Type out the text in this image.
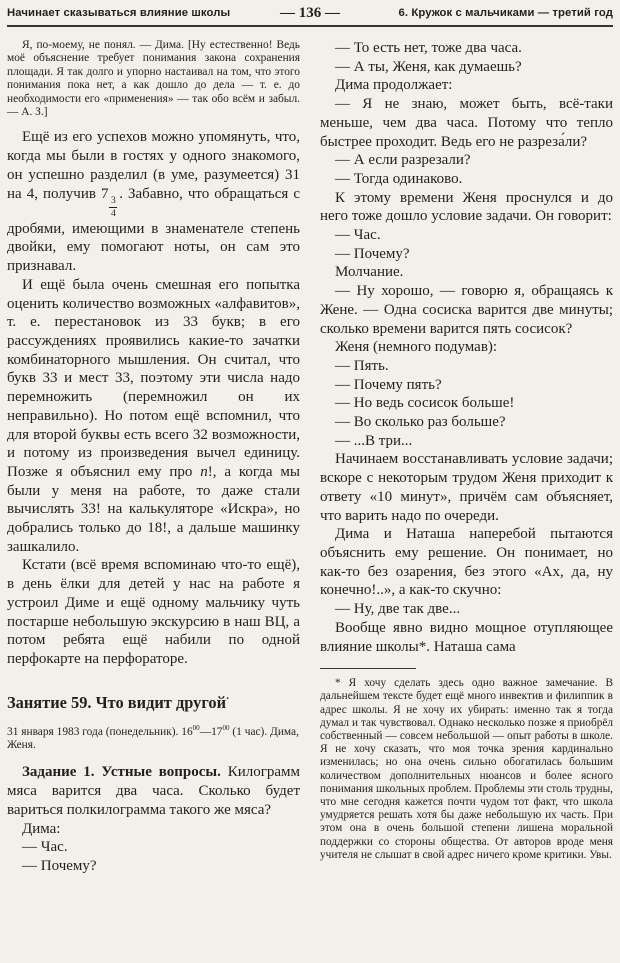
Начинает сказываться влияние школы	— 136 —	6. Кружок с мальчиками — третий год
Я, по-моему, не понял. — Дима. [Ну естественно! Ведь моё объяснение требует понимания закона сохранения площади. Я так долго и упорно настаивал на том, что этого понимания пока нет, а как дошло до дела — т. е. до необходимости его «применения» — так обо всём и забыл. — А. З.]
Ещё из его успехов можно упомянуть, что, когда мы были в гостях у одного знакомого, он успешно разделил (в уме, разумеется) 31 на 4, получив 7
$\frac{3}{4}$
. Забавно, что обращаться с дробями, имеющими в знаменателе степень двойки, ему помогают ноты, он сам это признавал.
И ещё была очень смешная его попытка оценить количество возможных «алфавитов», т. е. перестановок из 33 букв; в его рассуждениях проявились какие-то зачатки комбинаторного мышления. Он считал, что букв 33 и мест 33, поэтому эти числа надо перемножить (перемножил он их неправильно). Но потом ещё вспомнил, что для второй буквы есть всего 32 возможности, и потому из произведения вычел единицу. Позже я объяснил ему про n!, а когда мы были у меня на работе, то даже стали вычислять 33! на калькуляторе «Искра», но добрались только до 18!, а дальше машинку зашкалило.
Кстати (всё время вспоминаю что-то ещё), в день ёлки для детей у нас на работе я устроил Диме и ещё одному мальчику чуть постарше небольшую экскурсию в наш ВЦ, а потом ребята ещё набили по одной перфокарте на перфораторе.
Занятие 59. Что видит другой·
31 января 1983 года (понедельник). $16^{00}—17^{00}$ (1 час). Дима, Женя.
Задание 1. Устные вопросы. Килограмм мяса варится два часа. Сколько будет вариться полкилограмма такого же мяса?
Дима:
— Час.
— Почему?
— То есть нет, тоже два часа.
— А ты, Женя, как думаешь?
Дима продолжает:
— Я не знаю, может быть, всё-таки меньше, чем два часа. Потому что тепло быстрее проходит. Ведь его не разреза́ли?
— А если разрезали?
— Тогда одинаково.
К этому времени Женя проснулся и до него тоже дошло условие задачи. Он говорит:
— Час.
— Почему?
Молчание.
— Ну хорошо, — говорю я, обращаясь к Жене. — Одна сосиска варится две минуты; сколько времени варится пять сосисок?
Женя (немного подумав):
— Пять.
— Почему пять?
— Но ведь сосисок больше!
— Во сколько раз больше?
— ...В три...
Начинаем восстанавливать условие задачи; вскоре с некоторым трудом Женя приходит к ответу «10 минут», причём сам объясняет, что варить надо по очереди.
Дима и Наташа наперебой пытаются объяснить ему решение. Он понимает, но как-то без озарения, без этого «Ах, да, ну конечно!..», а как-то скучно:
— Ну, две так две...
Вообще явно видно мощное отупляющее влияние школы*. Наташа сама
* Я хочу сделать здесь одно важное замечание. В дальнейшем тексте будет ещё много инвектив и филиппик в адрес школы. Я не хочу их убирать: именно так я тогда думал и так чувствовал. Однако несколько позже я приобрёл собственный — совсем небольшой — опыт работы в школе. Я не хочу сказать, что моя точка зрения кардинально изменилась; но она очень сильно обогатилась большим количеством дополнительных нюансов и более ясного понимания школьных проблем. Проблемы эти столь трудны, что мне сегодня кажется почти чудом тот факт, что школа умудряется решать хотя бы даже небольшую их часть. При этом она в очень большой степени лишена моральной поддержки со стороны общества. От авторов вроде меня учителя не слышат в свой адрес ничего кроме критики. Увы.
